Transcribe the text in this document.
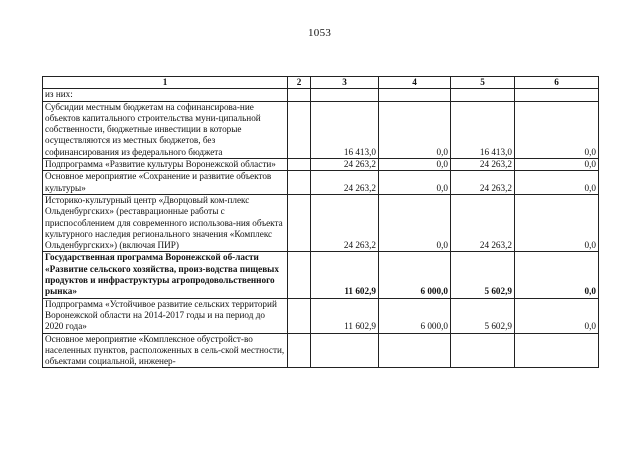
1053
1	2	3	4	5	6
из них:					
Субсидии местным бюджетам на софинансирова-ние объектов капитального строительства муни-ципальной собственности, бюджетные инвестиции в которые осуществляются из местных бюджетов, без софинансирования из федерального бюджета		16 413,0	0,0	16 413,0	0,0
Подпрограмма «Развитие культуры Воронежской области»		24 263,2	0,0	24 263,2	0,0
Основное мероприятие «Сохранение и развитие объектов культуры»		24 263,2	0,0	24 263,2	0,0
Историко-культурный центр «Дворцовый ком-плекс Ольденбургских» (реставрационные работы с приспособлением для современного использова-ния объекта культурного наследия регионального значения «Комплекс Ольденбургских») (включая ПИР)		24 263,2	0,0	24 263,2	0,0
Государственная программа Воронежской об-ласти «Развитие сельского хозяйства, произ-водства пищевых продуктов и инфраструктуры агропродовольственного рынка»		11 602,9	6 000,0	5 602,9	0,0
Подпрограмма «Устойчивое развитие сельских территорий Воронежской области на 2014-2017 годы и на период до 2020 года»		11 602,9	6 000,0	5 602,9	0,0
Основное мероприятие «Комплексное обустройст-во населенных пунктов, расположенных в сель-ской местности, объектами социальной, инженер-					
